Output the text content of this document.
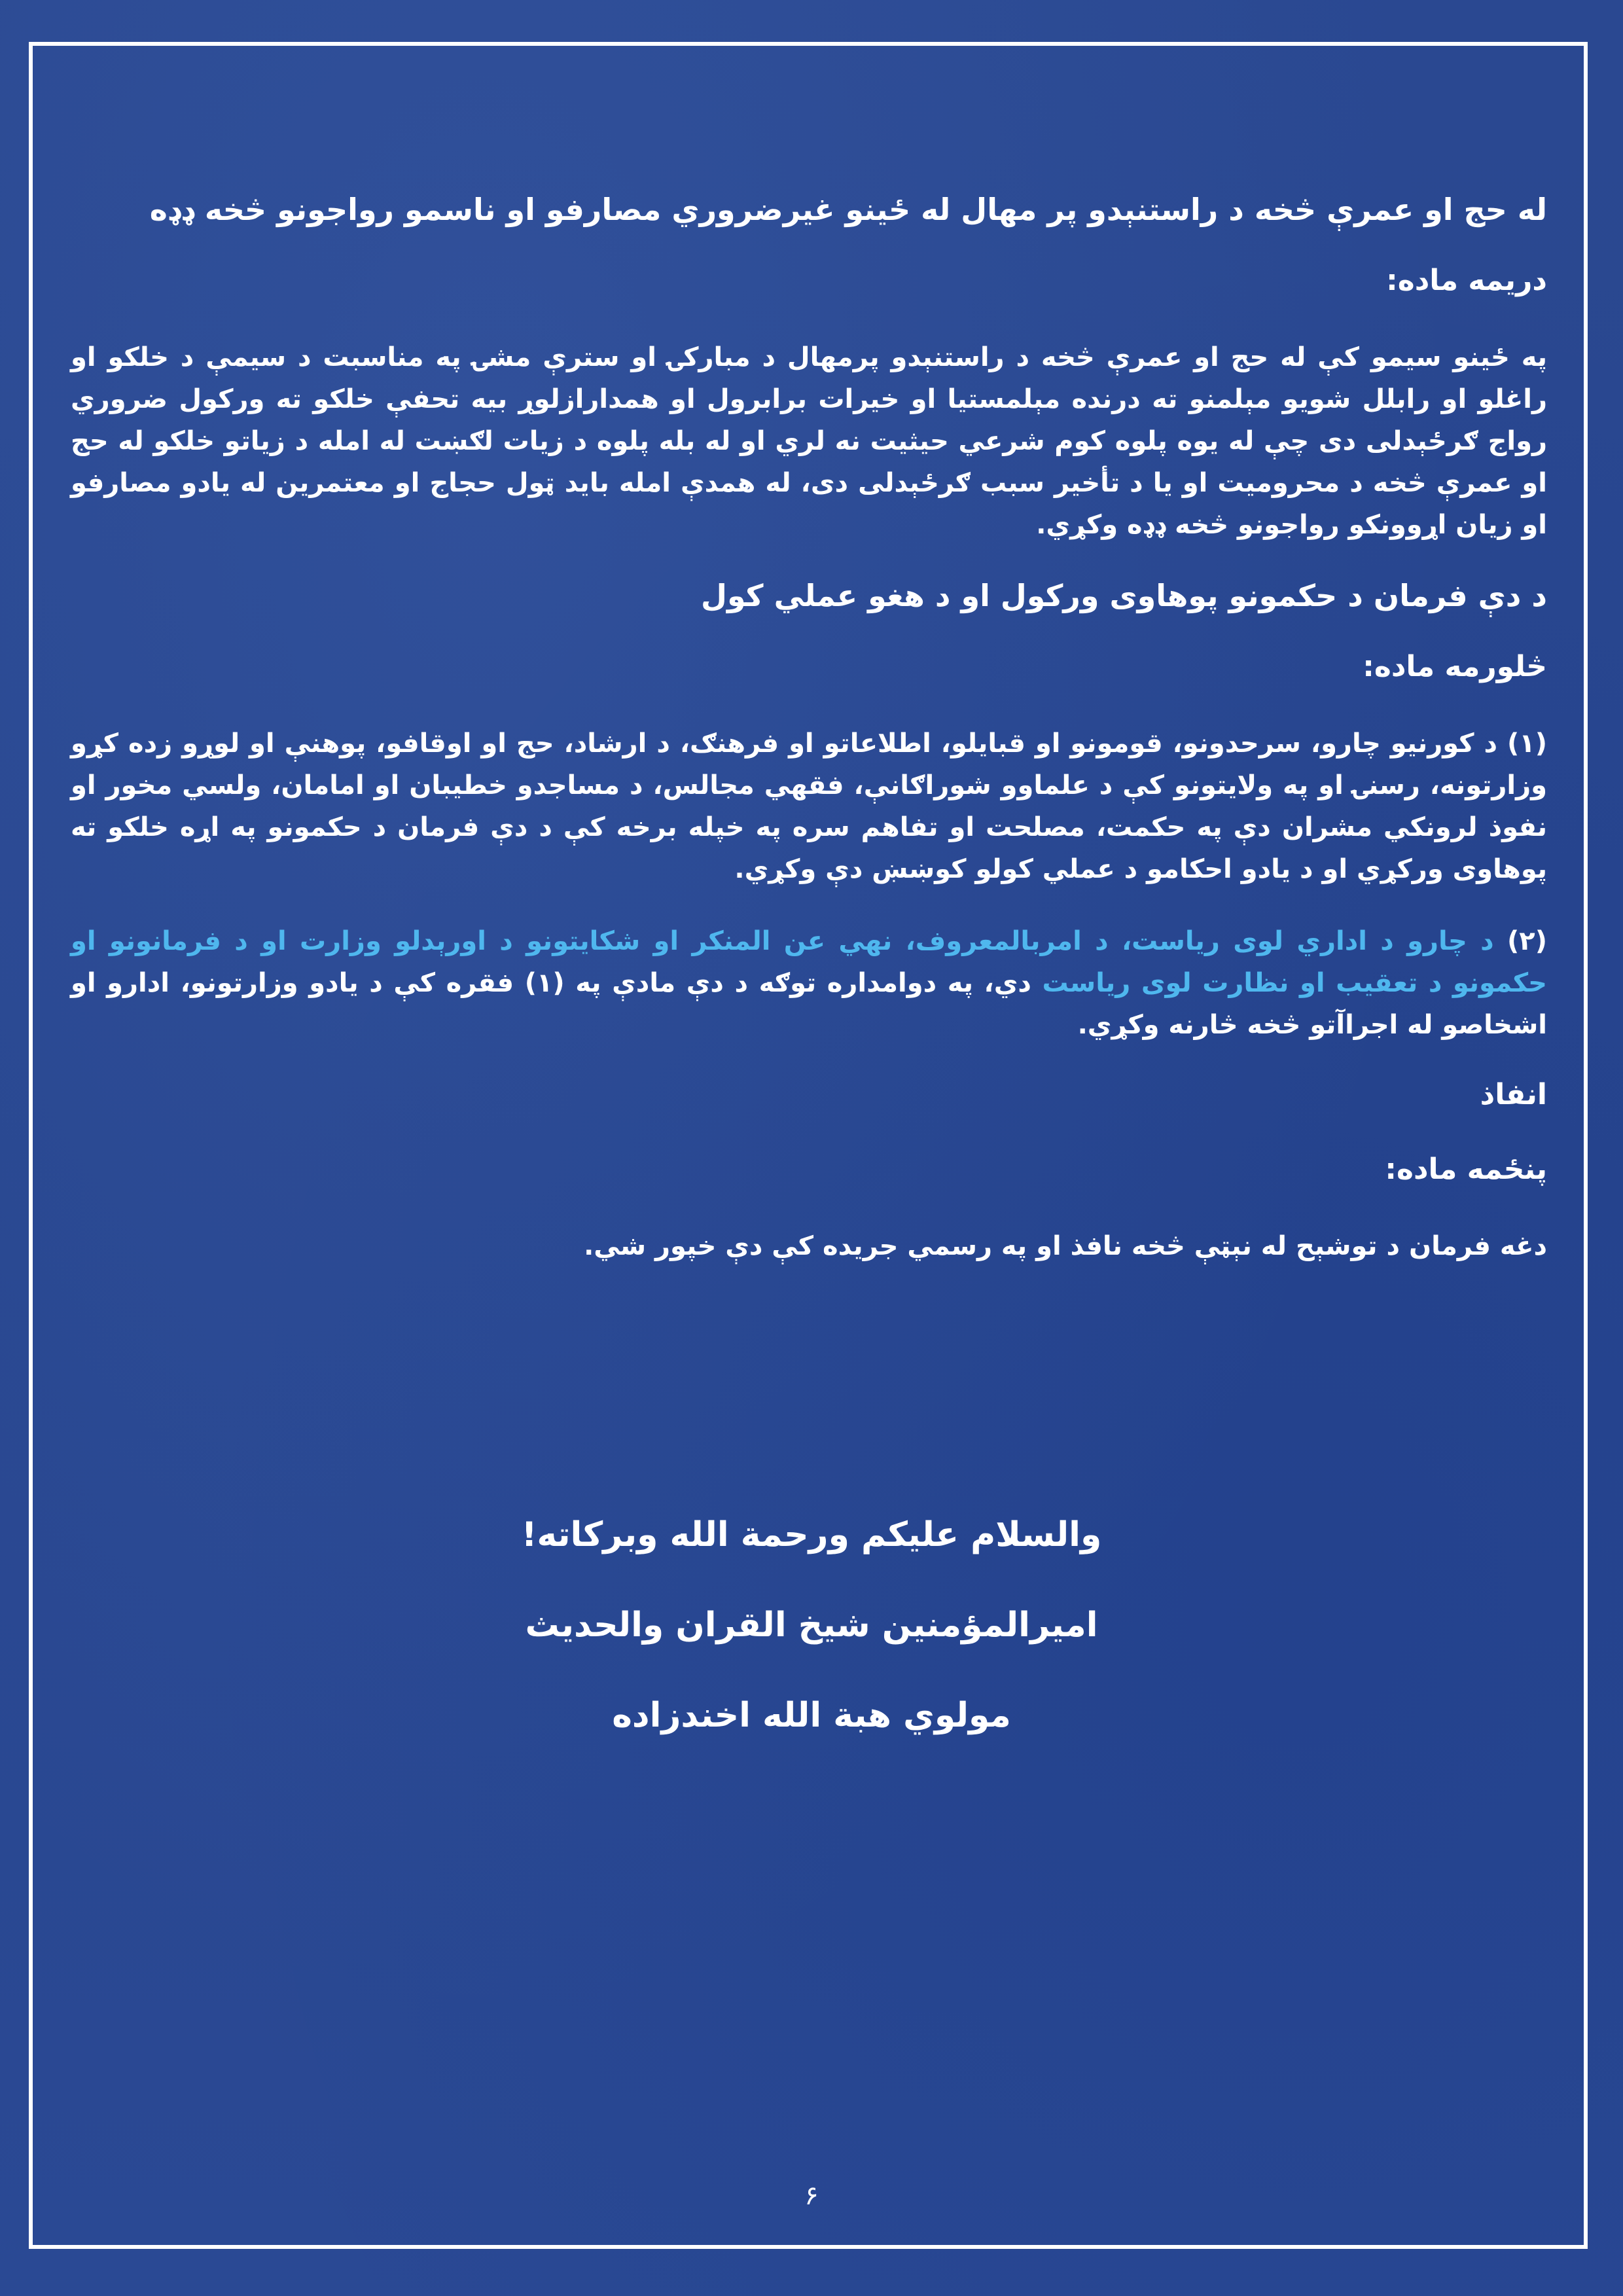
له حج او عمرې څخه د راستنېدو پر مهال له ځينو غيرضروري مصارفو او ناسمو رواجونو څخه ډډه
دريمه ماده:
په ځينو سيمو کې له حج او عمرې څخه د راستنېدو پرمهال د مبارکۍ او سترې مشۍ په مناسبت د سيمې د خلکو او راغلو او رابلل شويو مېلمنو ته درنده مېلمستيا او خيرات برابرول او همدارازلوړ بيه تحفې خلکو ته ورکول ضروري رواج ګرځېدلی دی چې له يوه پلوه کوم شرعي حيثيت نه لري او له بله پلوه د زيات لګښت له امله د زياتو خلکو له حج او عمرې څخه د محروميت او يا د تأخير سبب ګرځېدلی دی، له همدې امله بايد ټول حجاج او معتمرين له يادو مصارفو او زيان اړوونکو رواجونو څخه ډډه وکړي.
د دې فرمان د حکمونو پوهاوی ورکول او د هغو عملي کول
څلورمه ماده:
(۱) د کورنيو چارو، سرحدونو، قومونو او قبايلو، اطلاعاتو او فرهنګ، د ارشاد، حج او اوقافو، پوهنې او لوړو زده کړو وزارتونه، رسنۍ او په ولايتونو کې د علماوو شوراګانې، فقهي مجالس، د مساجدو خطيبان او امامان، ولسي مخور او نفوذ لرونکي مشران دې په حکمت، مصلحت او تفاهم سره په خپله برخه کې د دې فرمان د حکمونو په اړه خلکو ته پوهاوی ورکړي او د يادو احکامو د عملي کولو کوښښ دې وکړي.
(۲) د چارو د اداري لوی رياست، د امربالمعروف، نهي عن المنکر او شکايتونو د اورېدلو وزارت او د فرمانونو او حکمونو د تعقيب او نظارت لوی رياست دي، په دوامداره توګه د دې مادې په (۱) فقره کې د يادو وزارتونو، ادارو او اشخاصو له اجراآتو څخه څارنه وکړي.
انفاذ
پنځمه ماده:
دغه فرمان د توشېح له نېټې څخه نافذ او په رسمي جريده کې دې خپور شي.
والسلام عليکم ورحمة الله وبرکاته!
اميرالمؤمنين شيخ القران والحديث
مولوي هبة الله اخندزاده
۶
